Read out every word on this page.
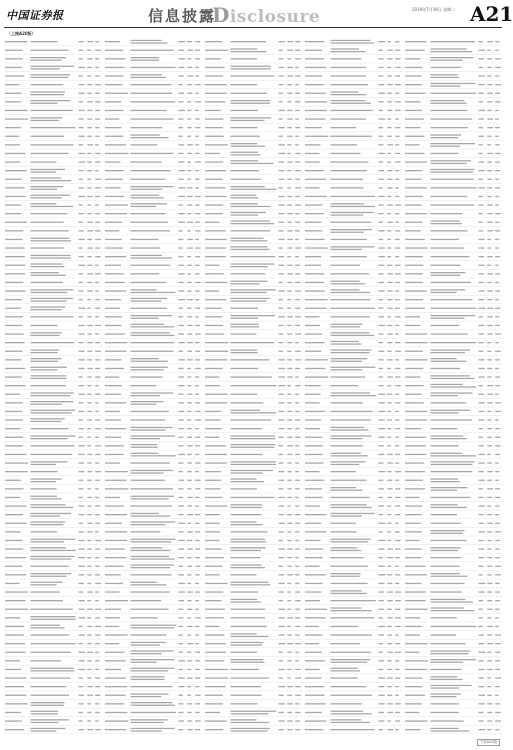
中国证券报	信息披露
Disclosure	2019年7月16日 星期二 A21
（上接A20版）
下转A22版
